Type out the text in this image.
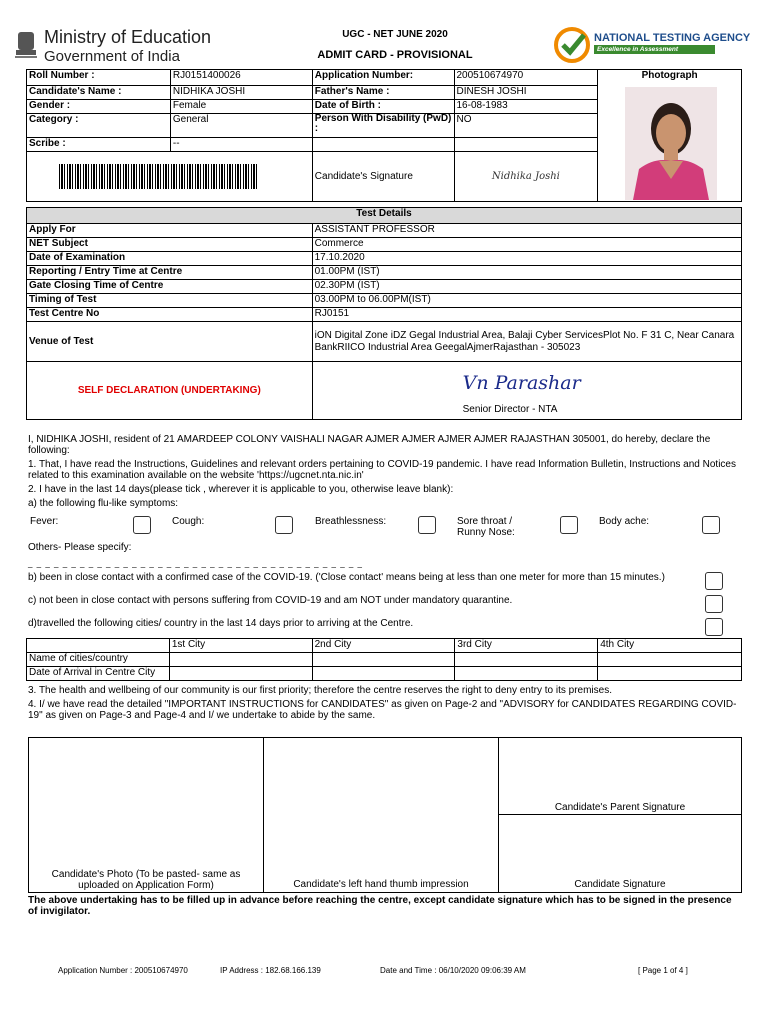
Ministry of Education
Government of India
UGC - NET JUNE 2020
ADMIT CARD - PROVISIONAL
NATIONAL TESTING AGENCY
Excellence in Assessment
Roll Number :	RJ0151400026	Application Number:	200510674970	Photograph
Candidate's Name :	NIDHIKA JOSHI	Father's Name :	DINESH JOSHI	
Gender :	Female	Date of Birth :	16-08-1983	
Category :	General	Person With Disability (PwD) :	NO	
Scribe :	--			

		Candidate's Signature	Nidhika Joshi	
Test Details	
Apply For	ASSISTANT PROFESSOR
NET Subject	Commerce
Date of Examination	17.10.2020
Reporting / Entry Time at Centre	01.00PM (IST)
Gate Closing Time of Centre	02.30PM (IST)
Timing of Test	03.00PM to 06.00PM(IST)
Test Centre No	RJ0151
Venue of Test	iON Digital Zone iDZ Gegal Industrial Area, Balaji Cyber ServicesPlot No. F 31 C, Near Canara BankRIICO Industrial Area GeegalAjmerRajasthan - 305023
SELF DECLARATION (UNDERTAKING)	Vn Parashar
Senior Director - NTA
I, NIDHIKA JOSHI, resident of 21 AMARDEEP COLONY VAISHALI NAGAR AJMER AJMER AJMER AJMER RAJASTHAN 305001, do hereby, declare the following:
1. That, I have read the Instructions, Guidelines and relevant orders pertaining to COVID-19 pandemic. I have read Information Bulletin, Instructions and Notices related to this examination available on the website 'https://ugcnet.nta.nic.in'
2. I have in the last 14 days(please tick , wherever it is applicable to you, otherwise leave blank):
a) the following flu-like symptoms:
Fever:	Cough:	Breathlessness:	Sore throat / Runny Nose:
Body ache:
Others- Please specify:
_ _ _ _ _ _ _ _ _ _ _ _ _ _ _ _ _ _ _ _ _ _ _ _ _ _ _ _ _ _ _ _ _ _ _ _ _ _ _
b) been in close contact with a confirmed case of the COVID-19. ('Close contact' means being at less than one meter for more than 15 minutes.)
c) not been in close contact with persons suffering from COVID-19 and am NOT under mandatory quarantine.
d)travelled the following cities/ country in the last 14 days prior to arriving at the Centre.
	1st City	2nd City	3rd City	4th City
Name of cities/country				
Date of Arrival in Centre City				
3. The health and wellbeing of our community is our first priority; therefore the centre reserves the right to deny entry to its premises.
4. I/ we have read the detailed "IMPORTANT INSTRUCTIONS for CANDIDATES" as given on Page-2 and "ADVISORY for CANDIDATES REGARDING COVID-19" as given on Page-3 and Page-4 and I/ we undertake to abide by the same.
Candidate's Photo (To be pasted- same as uploaded on Application Form)	Candidate's left hand thumb impression
Candidate's Parent Signature
Candidate Signature
The above undertaking has to be filled up in advance before reaching the centre, except candidate signature which has to be signed in the presence of invigilator.
Application Number : 200510674970	IP Address : 182.68.166.139	Date and Time : 06/10/2020 09:06:39 AM	[ Page 1 of 4 ]
